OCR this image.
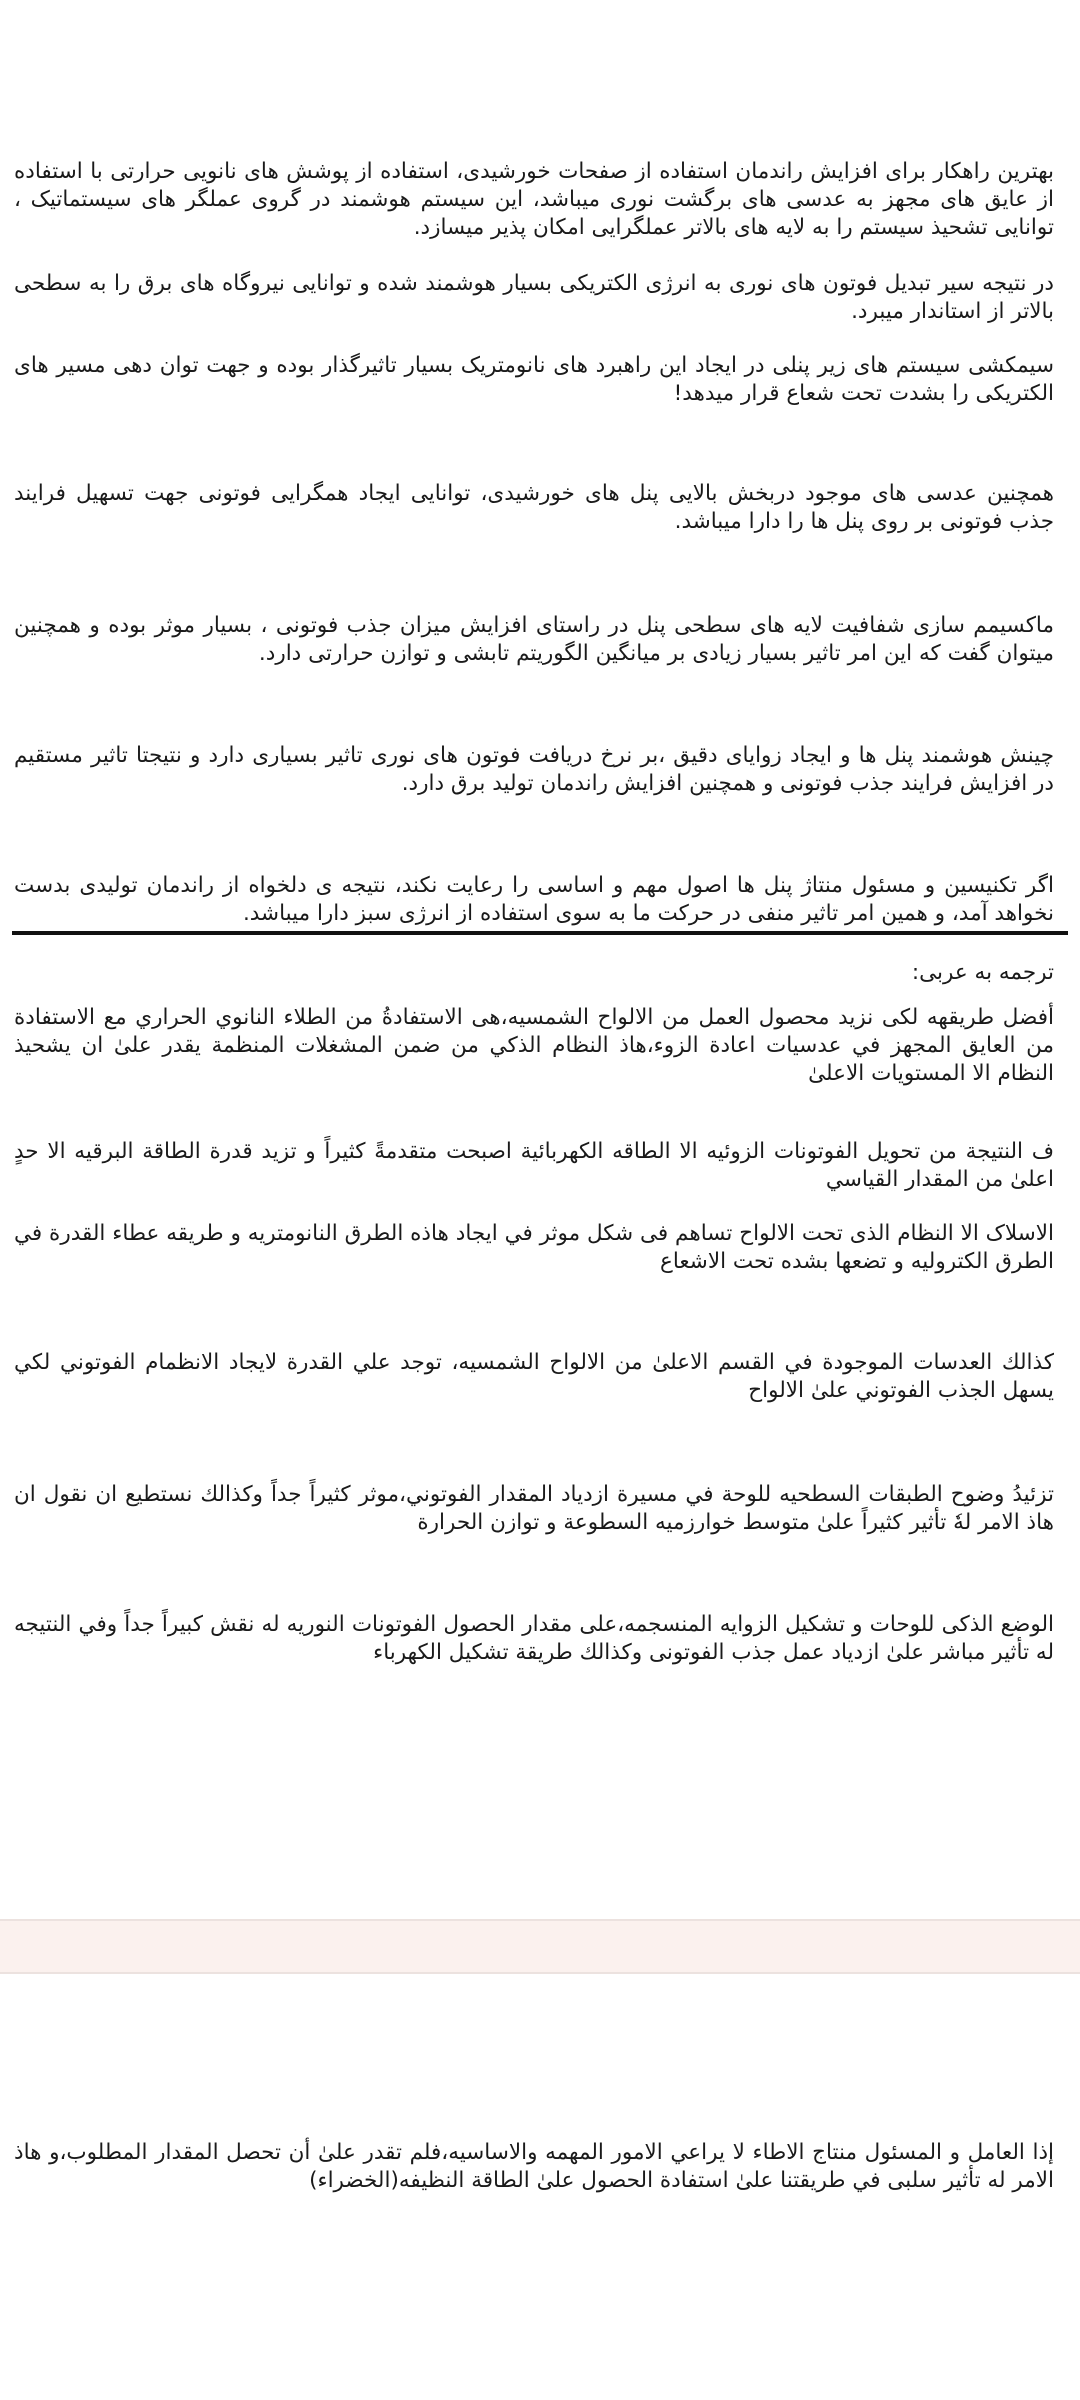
بهترین راهکار برای افزایش راندمان استفاده از صفحات خورشیدی، استفاده از پوشش های نانویی حرارتی با استفاده از عایق های مجهز به عدسی های برگشت نوری میباشد، این سیستم هوشمند در گروی عملگر های سیستماتیک ، توانایی تشحیذ سیستم را به لایه های بالاتر عملگرایی امکان پذیر میسازد.

در نتیجه سیر تبدیل فوتون های نوری به انرژی الکتریکی بسیار هوشمند شده و توانایی نیروگاه های برق را به سطحی بالاتر از استاندار میبرد.

سیمکشی سیستم های زیر پنلی در ایجاد این راهبرد های نانومتریک بسیار تاثیرگذار بوده و جهت توان دهی مسیر های الکتریکی را بشدت تحت شعاع قرار میدهد!

همچنین عدسی های موجود دربخش بالایی پنل های خورشیدی، توانایی ایجاد همگرایی فوتونی جهت تسهیل فرایند جذب فوتونی بر روی پنل ها را دارا میباشد.

ماکسیمم سازی شفافیت لایه های سطحی پنل در راستای افزایش میزان جذب فوتونی ، بسیار موثر بوده و همچنین میتوان گفت که این امر تاثیر بسیار زیادی بر میانگین الگوریتم تابشی و توازن حرارتی دارد.

چینش هوشمند پنل ها و ایجاد زوایای دقیق ،بر نرخ دریافت فوتون های نوری تاثیر بسیاری دارد و نتیجتا تاثیر مستقیم در افزایش فرایند جذب فوتونی و همچنین افزایش راندمان تولید برق دارد.

اگر تکنیسین و مسئول منتاژ پنل ها اصول مهم و اساسی را رعایت نکند، نتیجه ی دلخواه از راندمان تولیدی بدست نخواهد آمد، و همین امر تاثیر منفی در حرکت ما به سوی استفاده از انرژی سبز دارا میباشد.

ترجمه به عربی:

أفضل طريقهه لکی نزيد محصول العمل من الالواح الشمسيه،هی الاستفادةُ من الطلاء النانوي الحراري مع الاستفادة من العايق المجهز في عدسيات اعادة الزوء،هاذ النظام الذكي من ضمن المشغلات المنظمة يقدر علیٰ ان يشحيذ النظام الا المستويات الاعلیٰ

ف النتيجة من تحويل الفوتونات الزوئيه الا الطاقه الكهربائية اصبحت متقدمةً كثيراً و تزيد قدرة الطاقة البرقيه الا حدٍ اعلیٰ من المقدار القياسي

الاسلاک الا النظام الذی تحت الالواح تساهم فی شکل موثر في ايجاد هاذه الطرق النانومتريه و طريقه عطاء القدرة في الطرق الکترولیه و تضعها بشده تحت الاشعاع

كذالك العدسات الموجودة في القسم الاعلیٰ من الالواح الشمسيه، توجد علي القدرة لايجاد الانظمام الفوتوني لکي يسهل الجذب الفوتوني علیٰ الالواح

تزئيدُ وضوح الطبقات السطحيه للوحة في مسيرة ازدياد المقدار الفوتوني،موثر كثيراً جداً وكذالك نستطيع ان نقول ان هاذ الامر لهٗ تأثير كثيراً علیٰ متوسط خوارزميه السطوعة و توازن الحرارة

الوضع الذكى للوحات و تشكيل الزوايه المنسجمه،علی مقدار الحصول الفوتونات النوريه له نقش كبيراً جداً وفي النتيجه له تأثير مباشر علیٰ ازدياد عمل جذب الفوتونى وكذالك طريقة تشكيل الكهرباء

إذا العامل و المسئول منتاج الاطاء لا يراعي الامور المهمه والاساسيه،فلم تقدر علیٰ أن تحصل المقدار المطلوب،و هاذ الامر له تأثير سلبى في طريقتنا علیٰ استفادة الحصول علیٰ الطاقة النظيفه(الخضراء)
